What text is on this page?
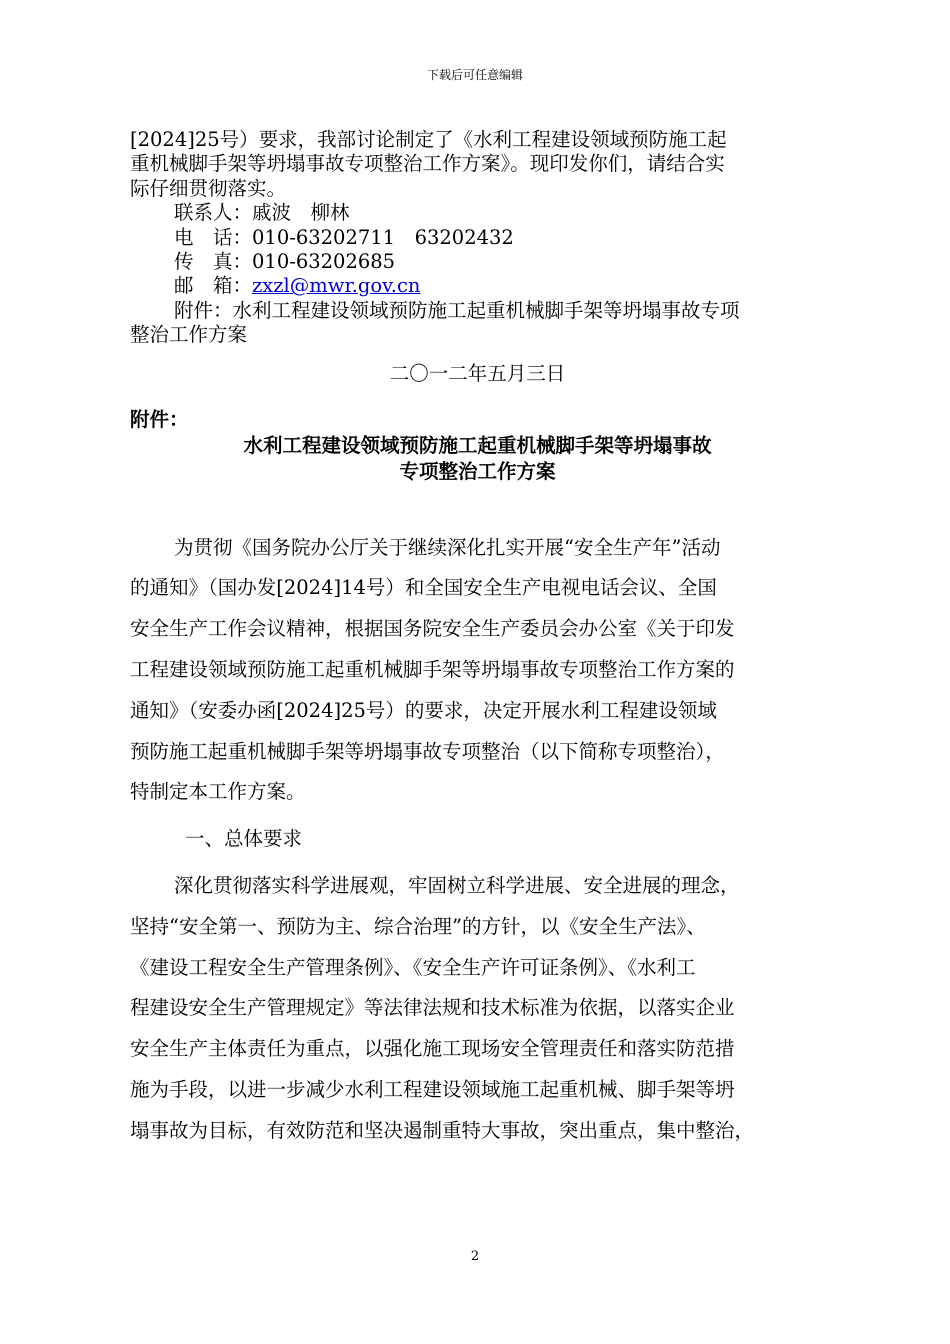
下载后可任意编辑
[2024]25号）要求，我部讨论制定了《水利工程建设领域预防施工起
重机械脚手架等坍塌事故专项整治工作方案》。现印发你们，请结合实
际仔细贯彻落实。
联系人：戚波　柳林
电　话：010-63202711　63202432
传　真：010-63202685
邮　箱：zxzl@mwr.gov.cn
附件：水利工程建设领域预防施工起重机械脚手架等坍塌事故专项
整治工作方案
二〇一二年五月三日
附件：
水利工程建设领域预防施工起重机械脚手架等坍塌事故
专项整治工作方案
为贯彻《国务院办公厅关于继续深化扎实开展“安全生产年”活动
的通知》（国办发[2024]14号）和全国安全生产电视电话会议、全国
安全生产工作会议精神，根据国务院安全生产委员会办公室《关于印发
工程建设领域预防施工起重机械脚手架等坍塌事故专项整治工作方案的
通知》（安委办函[2024]25号）的要求，决定开展水利工程建设领域
预防施工起重机械脚手架等坍塌事故专项整治（以下简称专项整治），
特制定本工作方案。
一、总体要求
深化贯彻落实科学进展观，牢固树立科学进展、安全进展的理念，
坚持“安全第一、预防为主、综合治理”的方针，以《安全生产法》、
《建设工程安全生产管理条例》、《安全生产许可证条例》、《水利工
程建设安全生产管理规定》等法律法规和技术标准为依据，以落实企业
安全生产主体责任为重点，以强化施工现场安全管理责任和落实防范措
施为手段，以进一步减少水利工程建设领域施工起重机械、脚手架等坍
塌事故为目标，有效防范和坚决遏制重特大事故，突出重点，集中整治，
2
